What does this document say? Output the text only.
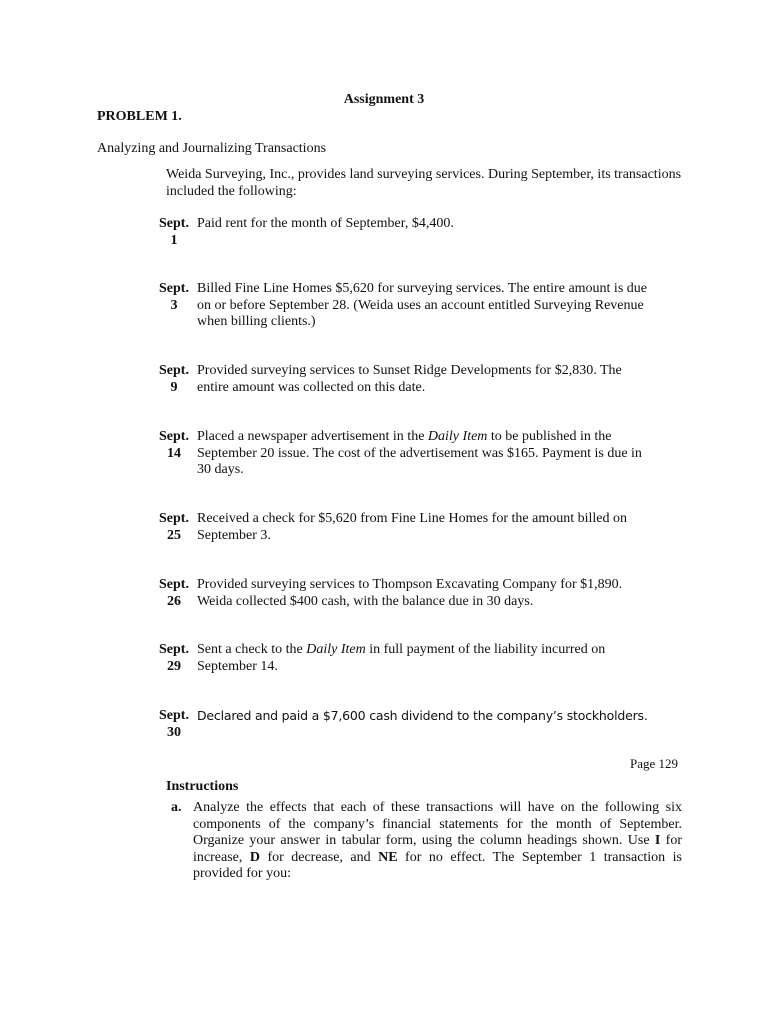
Assignment 3
PROBLEM 1.
Analyzing and Journalizing Transactions
Weida Surveying, Inc., provides land surveying services. During September, its transactions included the following:
Sept.
1
Paid rent for the month of September, $4,400.
Sept.
3
Billed Fine Line Homes $5,620 for surveying services. The entire amount is due on or before September 28. (Weida uses an account entitled Surveying Revenue when billing clients.)
Sept.
9
Provided surveying services to Sunset Ridge Developments for $2,830. The entire amount was collected on this date.
Sept.
14
Placed a newspaper advertisement in the Daily Item to be published in the September 20 issue. The cost of the advertisement was $165. Payment is due in 30 days.
Sept.
25
Received a check for $5,620 from Fine Line Homes for the amount billed on September 3.
Sept.
26
Provided surveying services to Thompson Excavating Company for $1,890. Weida collected $400 cash, with the balance due in 30 days.
Sept.
29
Sent a check to the Daily Item in full payment of the liability incurred on September 14.
Sept.
30
Declared and paid a $7,600 cash dividend to the company’s stockholders.
Page 129
Instructions
a. Analyze the effects that each of these transactions will have on the following six components of the company’s financial statements for the month of September. Organize your answer in tabular form, using the column headings shown. Use I for increase, D for decrease, and NE for no effect. The September 1 transaction is provided for you:
